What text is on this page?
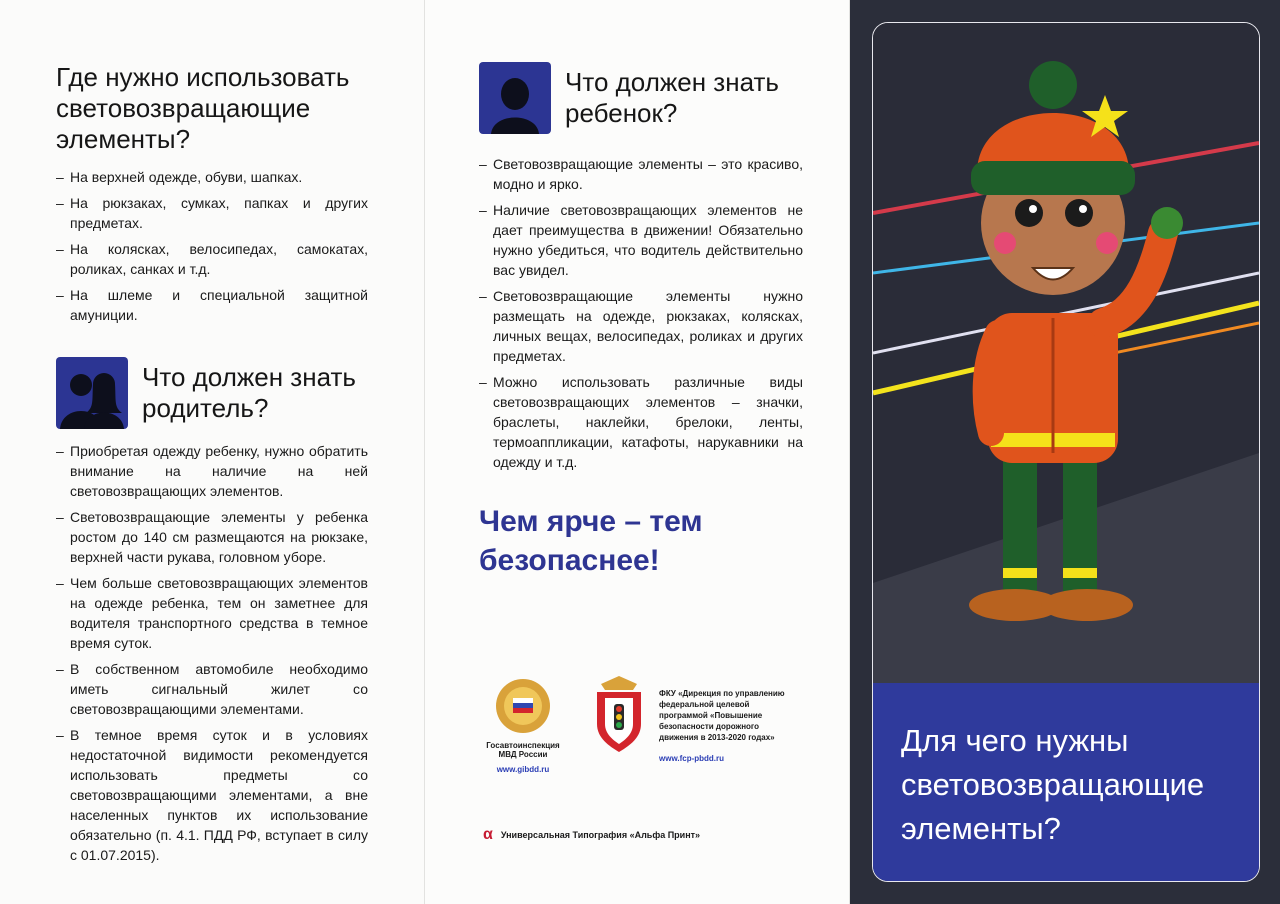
Где нужно использовать световозвращающие элементы?
– На верхней одежде, обуви, шапках.
– На рюкзаках, сумках, папках и других предметах.
– На колясках, велосипедах, самокатах, роликах, санках и т.д.
– На шлеме и специальной защитной амуниции.
Что должен знать родитель?
– Приобретая одежду ребенку, нужно обратить внимание на наличие на ней световозвращающих элементов.
– Световозвращающие элементы у ребенка ростом до 140 см размещаются на рюкзаке, верхней части рукава, головном уборе.
– Чем больше световозвращающих элементов на одежде ребенка, тем он заметнее для водителя транспортного средства в темное время суток.
– В собственном автомобиле необходимо иметь сигнальный жилет со световозвращающими элементами.
– В темное время суток и в условиях недостаточной видимости рекомендуется использовать предметы со световозвращающими элементами, а вне населенных пунктов их использование обязательно (п. 4.1. ПДД РФ, вступает в силу с 01.07.2015).
Что должен знать ребенок?
– Световозвращающие элементы – это красиво, модно и ярко.
– Наличие световозвращающих элементов не дает преимущества в движении! Обязательно нужно убедиться, что водитель действительно вас увидел.
– Световозвращающие элементы нужно размещать на одежде, рюкзаках, колясках, личных вещах, велосипедах, роликах и других предметах.
– Можно использовать различные виды световозвращающих элементов – значки, браслеты, наклейки, брелоки, ленты, термоаппликации, катафоты, нарукавники на одежду и т.д.
Чем ярче – тем
безопаснее!
Госавтоинспекция МВД России
www.gibdd.ru
ФКУ «Дирекция по управлению федеральной целевой программой «Повышение безопасности дорожного движения в 2013-2020 годах»
www.fcp-pbdd.ru
α Универсальная Типография «Альфа Принт»
Для чего нужны световозвращающие элементы?
